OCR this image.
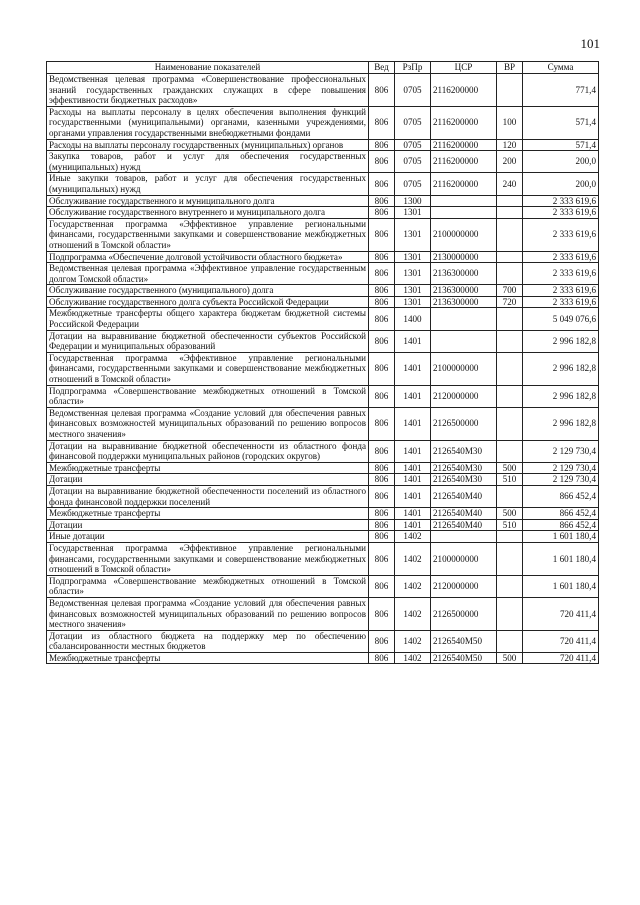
101
Наименование показателей	Вед	РзПр	ЦСР	ВР	Сумма
Ведомственная целевая программа «Совершенствование профессиональных знаний государственных гражданских служащих в сфере повышения эффективности бюджетных расходов»	806	0705	2116200000		771,4
Расходы на выплаты персоналу в целях обеспечения выполнения функций государственными (муниципальными) органами, казенными учреждениями, органами управления государственными внебюджетными фондами	806	0705	2116200000	100	571,4
Расходы на выплаты персоналу государственных (муниципальных) органов	806	0705	2116200000	120	571,4
Закупка товаров, работ и услуг для обеспечения государственных (муниципальных) нужд	806	0705	2116200000	200	200,0
Иные закупки товаров, работ и услуг для обеспечения государственных (муниципальных) нужд	806	0705	2116200000	240	200,0
Обслуживание государственного и муниципального долга	806	1300			2 333 619,6
Обслуживание государственного внутреннего и муниципального долга	806	1301			2 333 619,6
Государственная программа «Эффективное управление региональными финансами, государственными закупками и совершенствование межбюджетных отношений в Томской области»	806	1301	2100000000		2 333 619,6
Подпрограмма «Обеспечение долговой устойчивости областного бюджета»	806	1301	2130000000		2 333 619,6
Ведомственная целевая программа «Эффективное управление государственным долгом Томской области»	806	1301	2136300000		2 333 619,6
Обслуживание государственного (муниципального) долга	806	1301	2136300000	700	2 333 619,6
Обслуживание государственного долга субъекта Российской Федерации	806	1301	2136300000	720	2 333 619,6
Межбюджетные трансферты общего характера бюджетам бюджетной системы Российской Федерации	806	1400			5 049 076,6
Дотации на выравнивание бюджетной обеспеченности субъектов Российской Федерации и муниципальных образований	806	1401			2 996 182,8
Государственная программа «Эффективное управление региональными финансами, государственными закупками и совершенствование межбюджетных отношений в Томской области»	806	1401	2100000000		2 996 182,8
Подпрограмма «Совершенствование межбюджетных отношений в Томской области»	806	1401	2120000000		2 996 182,8
Ведомственная целевая программа «Создание условий для обеспечения равных финансовых возможностей муниципальных образований по решению вопросов местного значения»	806	1401	2126500000		2 996 182,8
Дотации на выравнивание бюджетной обеспеченности из областного фонда финансовой поддержки муниципальных районов (городских округов)	806	1401	2126540М30		2 129 730,4
Межбюджетные трансферты	806	1401	2126540М30	500	2 129 730,4
Дотации	806	1401	2126540М30	510	2 129 730,4
Дотации на выравнивание бюджетной обеспеченности поселений из областного фонда финансовой поддержки поселений	806	1401	2126540М40		866 452,4
Межбюджетные трансферты	806	1401	2126540М40	500	866 452,4
Дотации	806	1401	2126540М40	510	866 452,4
Иные дотации	806	1402			1 601 180,4
Государственная программа «Эффективное управление региональными финансами, государственными закупками и совершенствование межбюджетных отношений в Томской области»	806	1402	2100000000		1 601 180,4
Подпрограмма «Совершенствование межбюджетных отношений в Томской области»	806	1402	2120000000		1 601 180,4
Ведомственная целевая программа «Создание условий для обеспечения равных финансовых возможностей муниципальных образований по решению вопросов местного значения»	806	1402	2126500000		720 411,4
Дотации из областного бюджета на поддержку мер по обеспечению сбалансированности местных бюджетов	806	1402	2126540М50		720 411,4
Межбюджетные трансферты	806	1402	2126540М50	500	720 411,4
